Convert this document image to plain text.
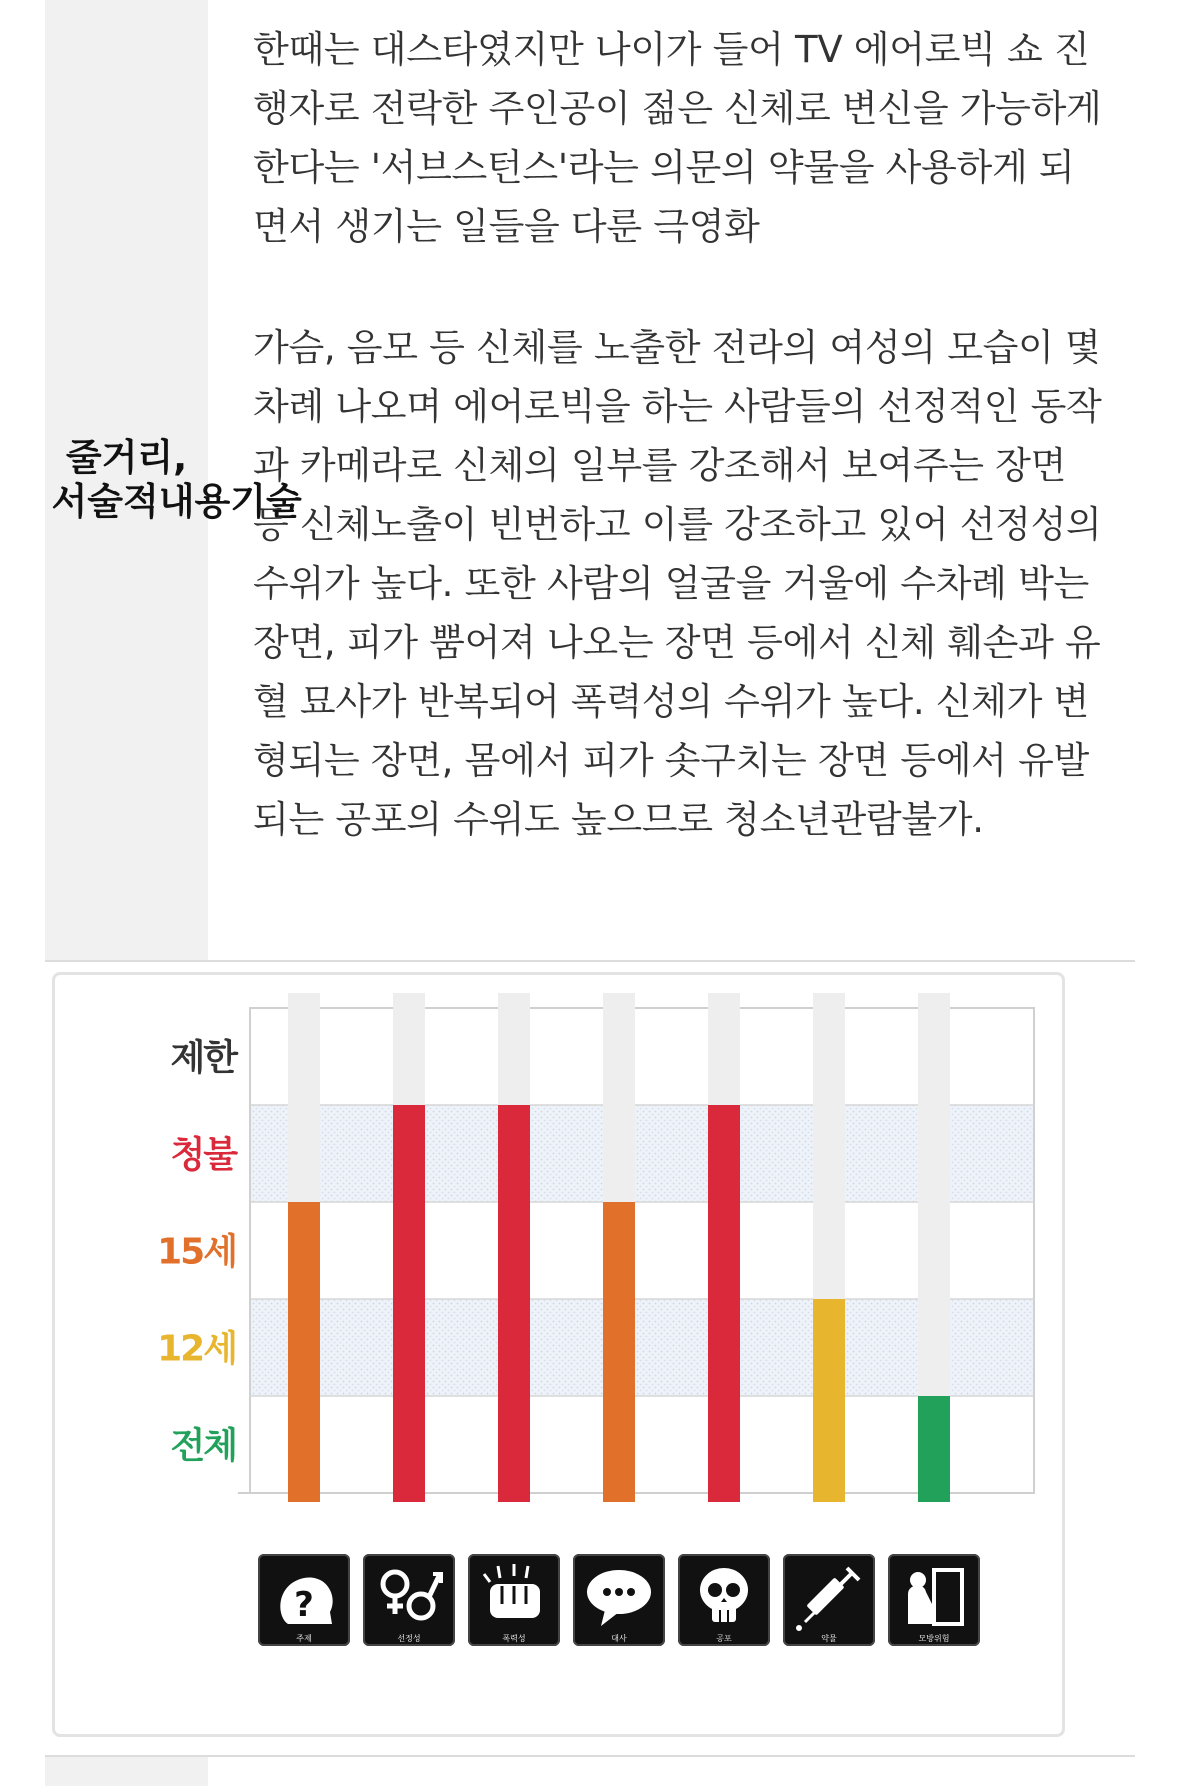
줄거리, 서술적내용기술
한때는 대스타였지만 나이가 들어 TV 에어로빅 쇼 진행자로 전락한 주인공이 젊은 신체로 변신을 가능하게 한다는 '서브스턴스'라는 의문의 약물을 사용하게 되면서 생기는 일들을 다룬 극영화
가슴, 음모 등 신체를 노출한 전라의 여성의 모습이 몇 차례 나오며 에어로빅을 하는 사람들의 선정적인 동작과 카메라로 신체의 일부를 강조해서 보여주는 장면 등 신체노출이 빈번하고 이를 강조하고 있어 선정성의 수위가 높다. 또한 사람의 얼굴을 거울에 수차례 박는 장면, 피가 뿜어져 나오는 장면 등에서 신체 훼손과 유혈 묘사가 반복되어 폭력성의 수위가 높다. 신체가 변형되는 장면, 몸에서 피가 솟구치는 장면 등에서 유발되는 공포의 수위도 높으므로 청소년관람불가.
제한
청불
15세
12세
전체
?
주제	선정성	폭력성	대사	공포	약물	모방위험
